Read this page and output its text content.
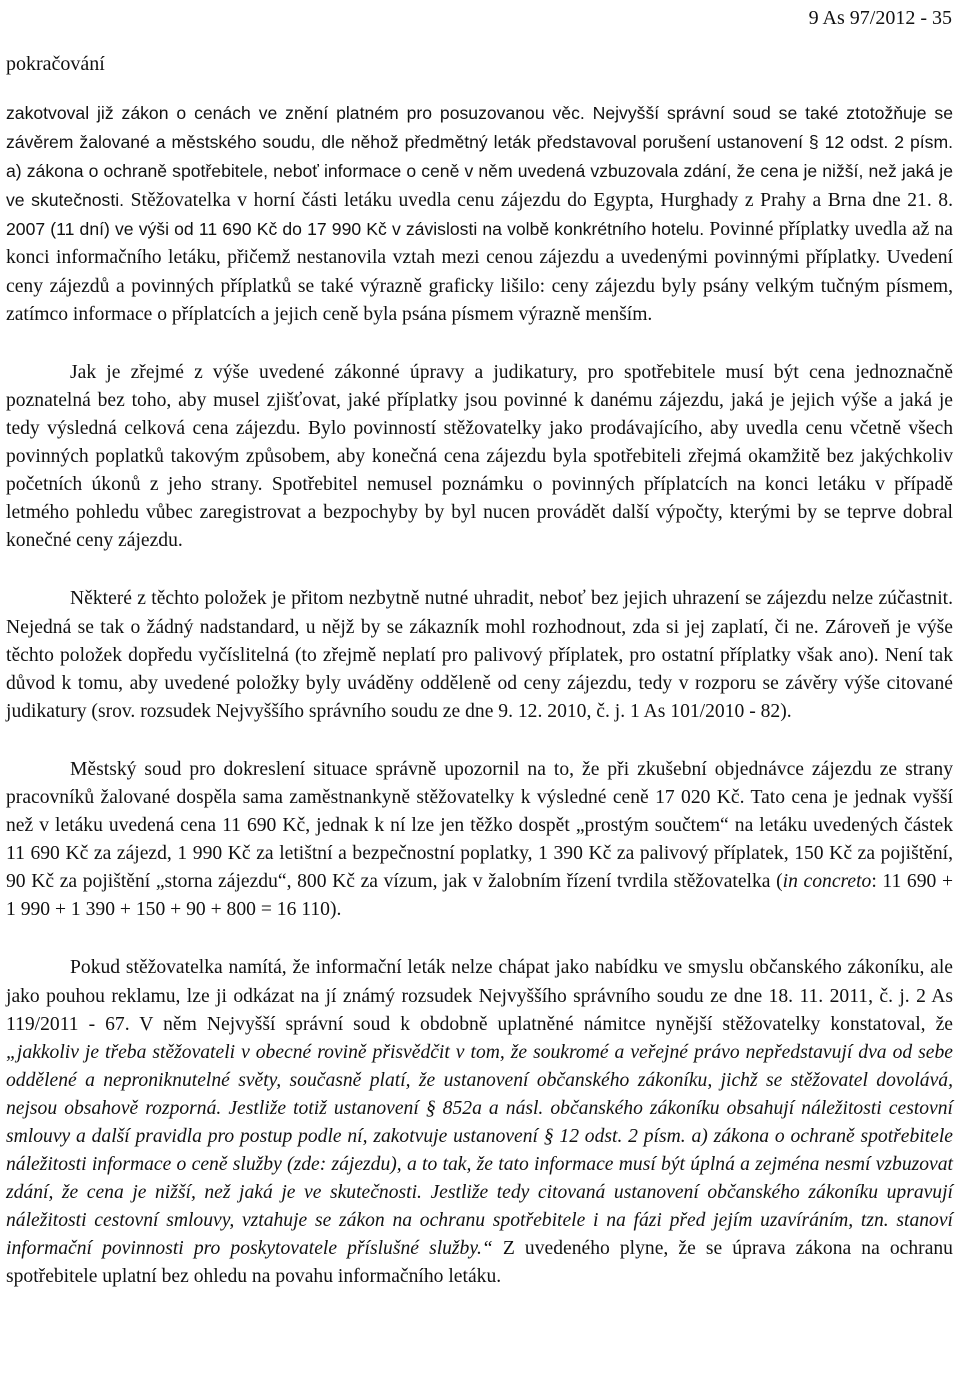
9 As 97/2012 - 35
pokračování

zakotvoval již zákon o cenách ve znění platném pro posuzovanou věc. Nejvyšší správní soud se také ztotožňuje se závěrem žalované a městského soudu, dle něhož předmětný leták představoval porušení ustanovení § 12 odst. 2 písm. a) zákona o ochraně spotřebitele, neboť informace o ceně v něm uvedená vzbuzovala zdání, že cena je nižší, než jaká je ve skutečnosti. Stěžovatelka v horní části letáku uvedla cenu zájezdu do Egypta, Hurghady z Prahy a Brna dne 21. 8. 2007 (11 dní) ve výši od 11 690 Kč do 17 990 Kč v závislosti na volbě konkrétního hotelu. Povinné příplatky uvedla až na konci informačního letáku, přičemž nestanovila vztah mezi cenou zájezdu a uvedenými povinnými příplatky. Uvedení ceny zájezdů a povinných příplatků se také výrazně graficky lišilo: ceny zájezdu byly psány velkým tučným písmem, zatímco informace o příplatcích a jejich ceně byla psána písmem výrazně menším.

Jak je zřejmé z výše uvedené zákonné úpravy a judikatury, pro spotřebitele musí být cena jednoznačně poznatelná bez toho, aby musel zjišťovat, jaké příplatky jsou povinné k danému zájezdu, jaká je jejich výše a jaká je tedy výsledná celková cena zájezdu. Bylo povinností stěžovatelky jako prodávajícího, aby uvedla cenu včetně všech povinných poplatků takovým způsobem, aby konečná cena zájezdu byla spotřebiteli zřejmá okamžitě bez jakýchkoliv početních úkonů z jeho strany. Spotřebitel nemusel poznámku o povinných příplatcích na konci letáku v případě letmého pohledu vůbec zaregistrovat a bezpochyby by byl nucen provádět další výpočty, kterými by se teprve dobral konečné ceny zájezdu.

Některé z těchto položek je přitom nezbytně nutné uhradit, neboť bez jejich uhrazení se zájezdu nelze zúčastnit. Nejedná se tak o žádný nadstandard, u nějž by se zákazník mohl rozhodnout, zda si jej zaplatí, či ne. Zároveň je výše těchto položek dopředu vyčíslitelná (to zřejmě neplatí pro palivový příplatek, pro ostatní příplatky však ano). Není tak důvod k tomu, aby uvedené položky byly uváděny odděleně od ceny zájezdu, tedy v rozporu se závěry výše citované judikatury (srov. rozsudek Nejvyššího správního soudu ze dne 9. 12. 2010, č. j. 1 As 101/2010 - 82).

Městský soud pro dokreslení situace správně upozornil na to, že při zkušební objednávce zájezdu ze strany pracovníků žalované dospěla sama zaměstnankyně stěžovatelky k výsledné ceně 17 020 Kč. Tato cena je jednak vyšší než v letáku uvedená cena 11 690 Kč, jednak k ní lze jen těžko dospět „prostým součtem“ na letáku uvedených částek 11 690 Kč za zájezd, 1 990 Kč za letištní a bezpečnostní poplatky, 1 390 Kč za palivový příplatek, 150 Kč za pojištění, 90 Kč za pojištění „storna zájezdu“, 800 Kč za vízum, jak v žalobním řízení tvrdila stěžovatelka (in concreto: 11 690 + 1 990 + 1 390 + 150 + 90 + 800 = 16 110).

Pokud stěžovatelka namítá, že informační leták nelze chápat jako nabídku ve smyslu občanského zákoníku, ale jako pouhou reklamu, lze ji odkázat na jí známý rozsudek Nejvyššího správního soudu ze dne 18. 11. 2011, č. j. 2 As 119/2011 - 67. V něm Nejvyšší správní soud k obdobně uplatněné námitce nynější stěžovatelky konstatoval, že „jakkoliv je třeba stěžovateli v obecné rovině přisvědčit v tom, že soukromé a veřejné právo nepředstavují dva od sebe oddělené a neproniknutelné světy, současně platí, že ustanovení občanského zákoníku, jichž se stěžovatel dovolává, nejsou obsahově rozporná. Jestliže totiž ustanovení § 852a a násl. občanského zákoníku obsahují náležitosti cestovní smlouvy a další pravidla pro postup podle ní, zakotvuje ustanovení § 12 odst. 2 písm. a) zákona o ochraně spotřebitele náležitosti informace o ceně služby (zde: zájezdu), a to tak, že tato informace musí být úplná a zejména nesmí vzbuzovat zdání, že cena je nižší, než jaká je ve skutečnosti. Jestliže tedy citovaná ustanovení občanského zákoníku upravují náležitosti cestovní smlouvy, vztahuje se zákon na ochranu spotřebitele i na fázi před jejím uzavíráním, tzn. stanoví informační povinnosti pro poskytovatele příslušné služby.“ Z uvedeného plyne, že se úprava zákona na ochranu spotřebitele uplatní bez ohledu na povahu informačního letáku.
